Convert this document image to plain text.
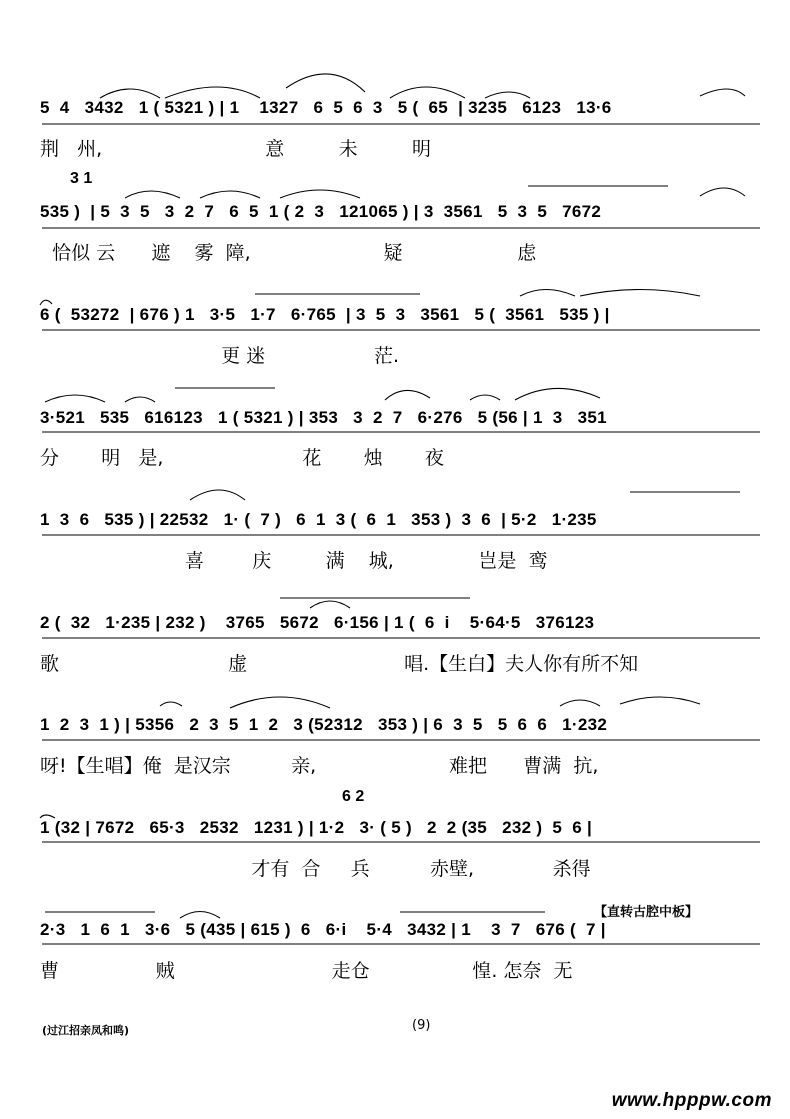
5  4   3432   1 ( 5321 ) | 1    1327   6  5  6  3   5 (  65  | 3235   6123   13·6
荆   州,                           意         未         明
3 1
535 )  | 5  3  5   3  2  7   6  5  1 ( 2  3   121065 ) | 3  3561   5  3  5   7672
恰似 云      遮    雾  障,                      疑                   虑
6 (  53272  | 676 ) 1   3·5   1·7   6·765  | 3  5  3   3561   5 (  3561   535 ) |
更 迷                  茫.
3·521   535   616123   1 ( 5321 ) | 353   3  2  7   6·276   5 (56 | 1  3   351
分       明   是,                       花       烛       夜
1  3  6   535 ) | 22532   1· (  7 )   6  1  3 (  6  1   353 )  3  6  | 5·2   1·235
喜        庆         满    城,              岂是  鸾
2 (  32   1·235 | 232 )    3765   5672   6·156 | 1 (  6  i    5·64·5   376123
歌                            虚                          唱.【生白】夫人你有所不知
1  2  3  1 ) | 5356   2  3  5  1  2   3 (52312   353 ) | 6  3  5   5  6  6   1·232
呀!【生唱】俺  是汉宗          亲,                      难把      曹满  抗,
6 2
1 (32 | 7672   65·3   2532   1231 ) | 1·2   3· ( 5 )   2  2 (35   232 )  5  6 |
才有  合     兵          赤壁,             杀得
【直转古腔中板】
2·3   1  6  1   3·6   5 (435 | 615 )  6   6·i    5·4   3432 | 1    3  7   676 (  7 |
曹                贼                          走仓                 惶. 怎奈  无
(过江招亲凤和鸣)	(9)
www.hpppw.com
